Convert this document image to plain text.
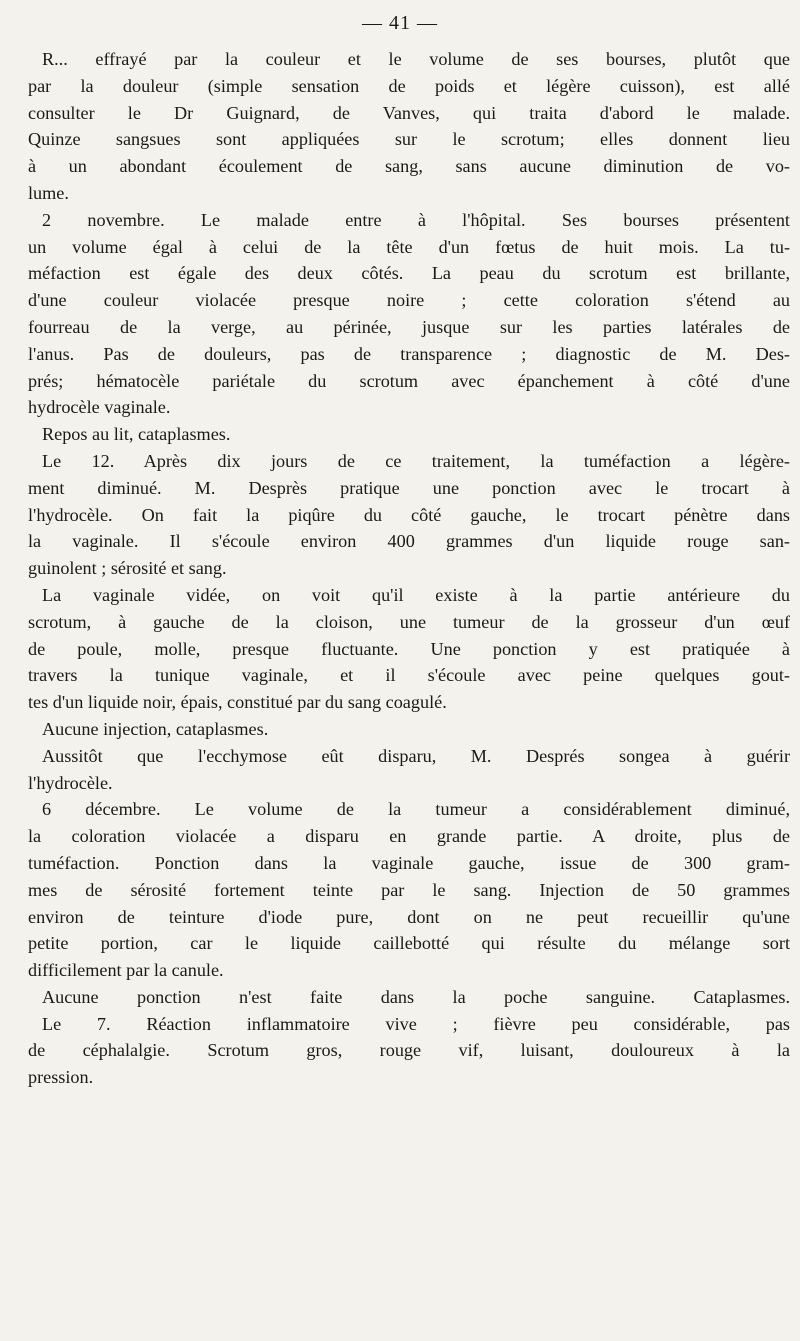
— 41 —
R... effrayé par la couleur et le volume de ses bourses, plutôt que
par la douleur (simple sensation de poids et légère cuisson), est allé
consulter le Dr Guignard, de Vanves, qui traita d'abord le malade.
Quinze sangsues sont appliquées sur le scrotum; elles donnent lieu
à un abondant écoulement de sang, sans aucune diminution de vo-
lume.
2 novembre. Le malade entre à l'hôpital. Ses bourses présentent
un volume égal à celui de la tête d'un fœtus de huit mois. La tu-
méfaction est égale des deux côtés. La peau du scrotum est brillante,
d'une couleur violacée presque noire ; cette coloration s'étend au
fourreau de la verge, au périnée, jusque sur les parties latérales de
l'anus. Pas de douleurs, pas de transparence ; diagnostic de M. Des-
prés; hématocèle pariétale du scrotum avec épanchement à côté d'une
hydrocèle vaginale.
Repos au lit, cataplasmes.
Le 12. Après dix jours de ce traitement, la tuméfaction a légère-
ment diminué. M. Desprès pratique une ponction avec le trocart à
l'hydrocèle. On fait la piqûre du côté gauche, le trocart pénètre dans
la vaginale. Il s'écoule environ 400 grammes d'un liquide rouge san-
guinolent ; sérosité et sang.
La vaginale vidée, on voit qu'il existe à la partie antérieure du
scrotum, à gauche de la cloison, une tumeur de la grosseur d'un œuf
de poule, molle, presque fluctuante. Une ponction y est pratiquée à
travers la tunique vaginale, et il s'écoule avec peine quelques gout-
tes d'un liquide noir, épais, constitué par du sang coagulé.
Aucune injection, cataplasmes.
Aussitôt que l'ecchymose eût disparu, M. Després songea à guérir
l'hydrocèle.
6 décembre. Le volume de la tumeur a considérablement diminué,
la coloration violacée a disparu en grande partie. A droite, plus de
tuméfaction. Ponction dans la vaginale gauche, issue de 300 gram-
mes de sérosité fortement teinte par le sang. Injection de 50 grammes
environ de teinture d'iode pure, dont on ne peut recueillir qu'une
petite portion, car le liquide caillebotté qui résulte du mélange sort
difficilement par la canule.
Aucune ponction n'est faite dans la poche sanguine. Cataplasmes.
Le 7. Réaction inflammatoire vive ; fièvre peu considérable, pas
de céphalalgie. Scrotum gros, rouge vif, luisant, douloureux à la
pression.
